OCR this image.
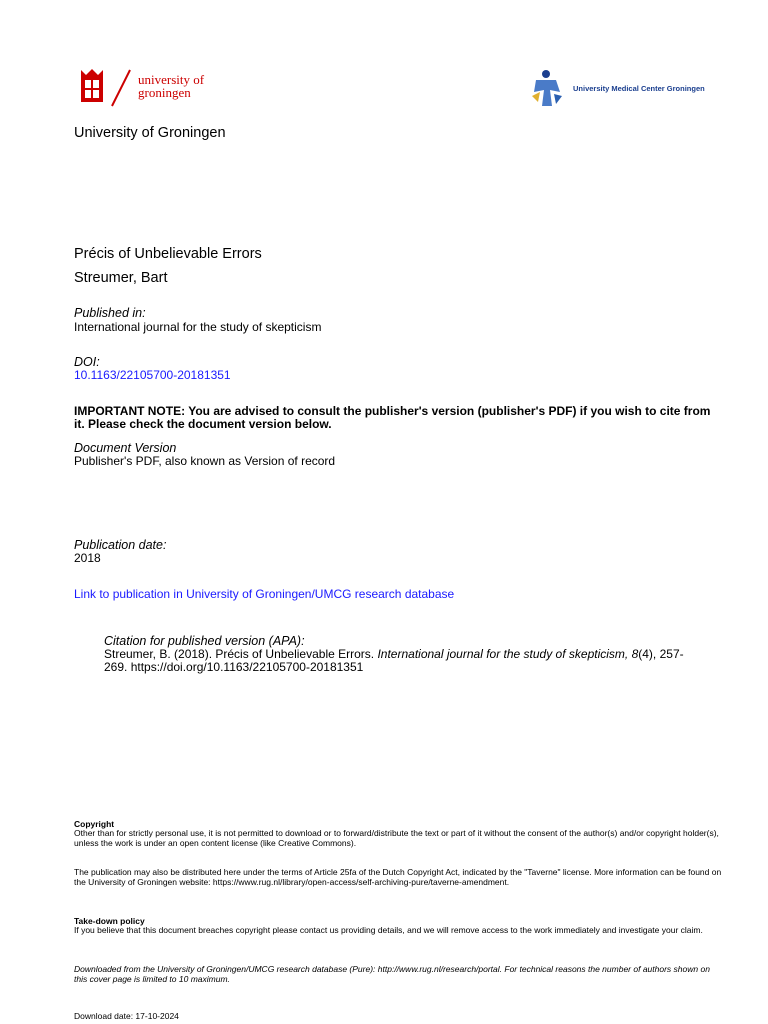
university of
groningen	University Medical Center Groningen
University of Groningen
Précis of Unbelievable Errors
Streumer, Bart
Published in:
International journal for the study of skepticism
DOI:
10.1163/22105700-20181351
IMPORTANT NOTE: You are advised to consult the publisher's version (publisher's PDF) if you wish to cite from it. Please check the document version below.
Document Version
Publisher's PDF, also known as Version of record
Publication date:
2018
Link to publication in University of Groningen/UMCG research database
Citation for published version (APA):
Streumer, B. (2018). Précis of Unbelievable Errors. International journal for the study of skepticism, 8(4), 257-269. https://doi.org/10.1163/22105700-20181351
Copyright
Other than for strictly personal use, it is not permitted to download or to forward/distribute the text or part of it without the consent of the author(s) and/or copyright holder(s), unless the work is under an open content license (like Creative Commons).
The publication may also be distributed here under the terms of Article 25fa of the Dutch Copyright Act, indicated by the "Taverne" license. More information can be found on the University of Groningen website: https://www.rug.nl/library/open-access/self-archiving-pure/taverne-amendment.
Take-down policy
If you believe that this document breaches copyright please contact us providing details, and we will remove access to the work immediately and investigate your claim.
Downloaded from the University of Groningen/UMCG research database (Pure): http://www.rug.nl/research/portal. For technical reasons the number of authors shown on this cover page is limited to 10 maximum.
Download date: 17-10-2024
